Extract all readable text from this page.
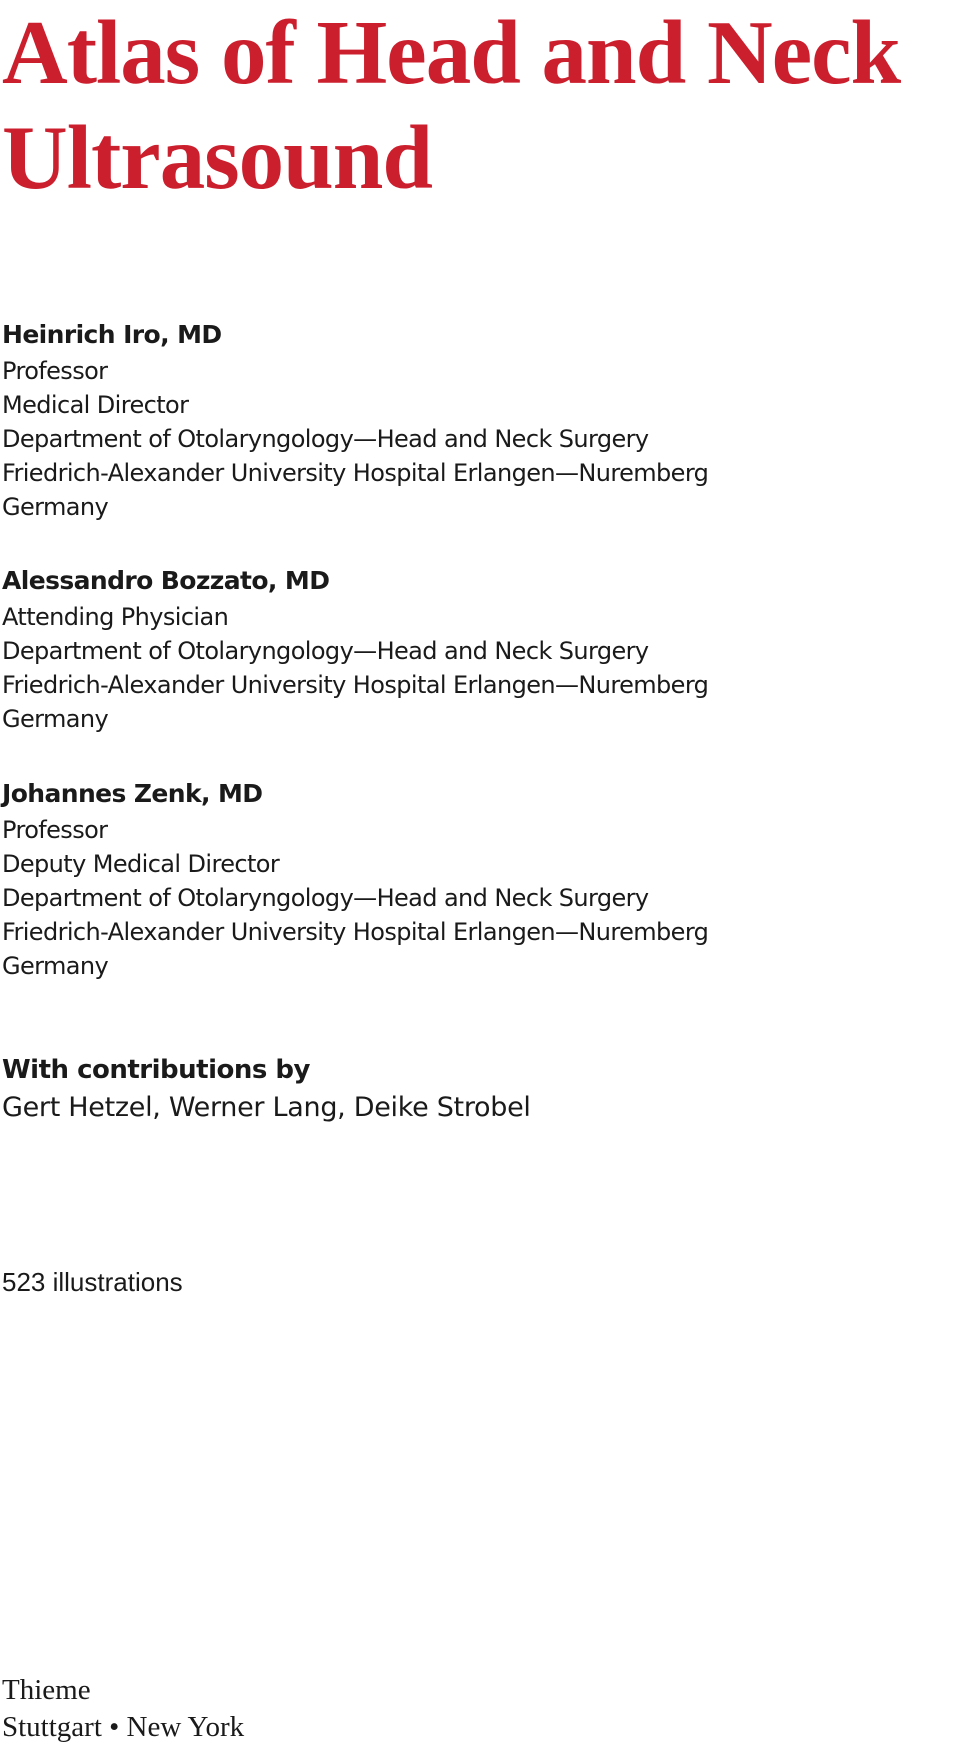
Atlas of Head and Neck
Ultrasound
Heinrich Iro, MD
Professor
Medical Director
Department of Otolaryngology—Head and Neck Surgery
Friedrich-Alexander University Hospital Erlangen—Nuremberg
Germany
Alessandro Bozzato, MD
Attending Physician
Department of Otolaryngology—Head and Neck Surgery
Friedrich-Alexander University Hospital Erlangen—Nuremberg
Germany
Johannes Zenk, MD
Professor
Deputy Medical Director
Department of Otolaryngology—Head and Neck Surgery
Friedrich-Alexander University Hospital Erlangen—Nuremberg
Germany
With contributions by
Gert Hetzel, Werner Lang, Deike Strobel
523 illustrations
Thieme
Stuttgart • New York
